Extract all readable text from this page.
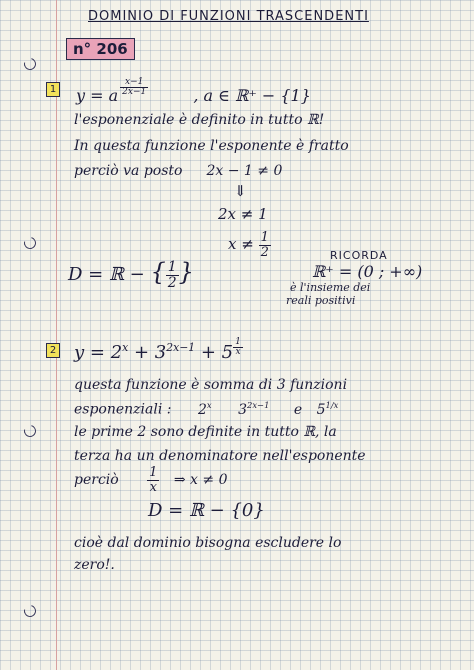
DOMINIO DI FUNZIONI TRASCENDENTI
n° 206
1 y = a $\frac{x-1}{2x-1}$	, a ∈ ℝ⁺ − {1}
l'esponenziale è definito in tutto ℝ!
In questa funzione l'esponente è fratto
perciò va posto 2x − 1 ≠ 0
⇓
2x ≠ 1
$x \ne \frac{1}{2}$
D = ℝ − { $\frac{1}{2}$ }
RICORDA
ℝ⁺ = (0 ; +∞)
è l'insieme dei
reali positivi
2 $y = 2^x + 3^{2x-1} + 5$ $^{\frac{1}{x}}$
questa funzione è somma di 3 funzioni
esponenziali : 2$^x$ $3^{2x-1}$ e $5^{1/x}$
le prime 2 sono definite in tutto ℝ, la
terza ha un denominatore nell'esponente
perciò $\frac{1}{x}$ ⇒ x ≠ 0
D = ℝ − {0}
cioè dal dominio bisogna escludere lo
zero!.
